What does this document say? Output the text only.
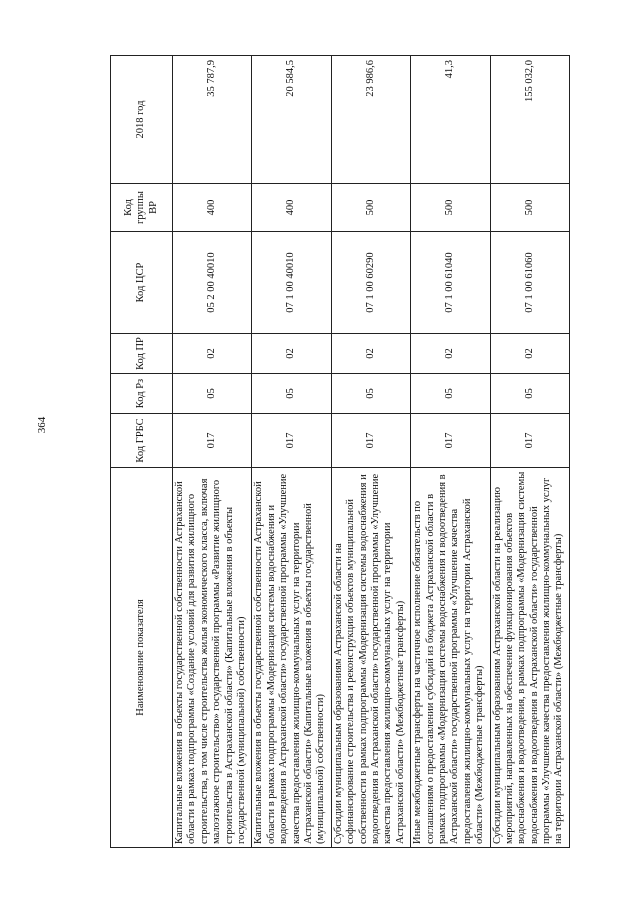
364
Наименование показателя	Код ГРБС	Код Рз	Код ПР	Код ЦСР	Код группы ВР	2018 год
Капитальные вложения в объекты государственной собственности Астраханской области в рамках подпрограммы «Создание условий для развития жилищного строительства, в том числе строительства жилья экономического класса, включая малоэтажное строительство» государственной программы «Развитие жилищного строительства в Астраханской области» (Капитальные вложения в объекты государственной (муниципальной) собственности)	017	05	02	05 2 00 40010	400	35 787,9
Капитальные вложения в объекты государственной собственности Астраханской области в рамках подпрограммы «Модернизация системы водоснабжения и водоотведения в Астраханской области» государственной программы «Улучшение качества предоставления жилищно-коммунальных услуг на территории Астраханской области» (Капитальные вложения в объекты государственной (муниципальной) собственности)	017	05	02	07 1 00 40010	400	20 584,5
Субсидии муниципальным образованиям Астраханской области на софинансирование строительства и реконструкции объектов муниципальной собственности в рамках подпрограммы «Модернизация системы водоснабжения и водоотведения в Астраханской области» государственной программы «Улучшение качества предоставления жилищно-коммунальных услуг на территории Астраханской области» (Межбюджетные трансферты)	017	05	02	07 1 00 60290	500	23 986,6
Иные межбюджетные трансферты на частичное исполнение обязательств по соглашениям о предоставлении субсидий из бюджета Астраханской области в рамках подпрограммы «Модернизация системы водоснабжения и водоотведения в Астраханской области» государственной программы «Улучшение качества предоставления жилищно-коммунальных услуг на территории Астраханской области» (Межбюджетные трансферты)	017	05	02	07 1 00 61040	500	41,3
Субсидии муниципальным образованиям Астраханской области на реализацию мероприятий, направленных на обеспечение функционирования объектов водоснабжения и водоотведения, в рамках подпрограммы «Модернизация системы водоснабжения и водоотведения в Астраханской области» государственной программы «Улучшение качества предоставления жилищно-коммунальных услуг на территории Астраханской области» (Межбюджетные трансферты)	017	05	02	07 1 00 61060	500	155 032,0
